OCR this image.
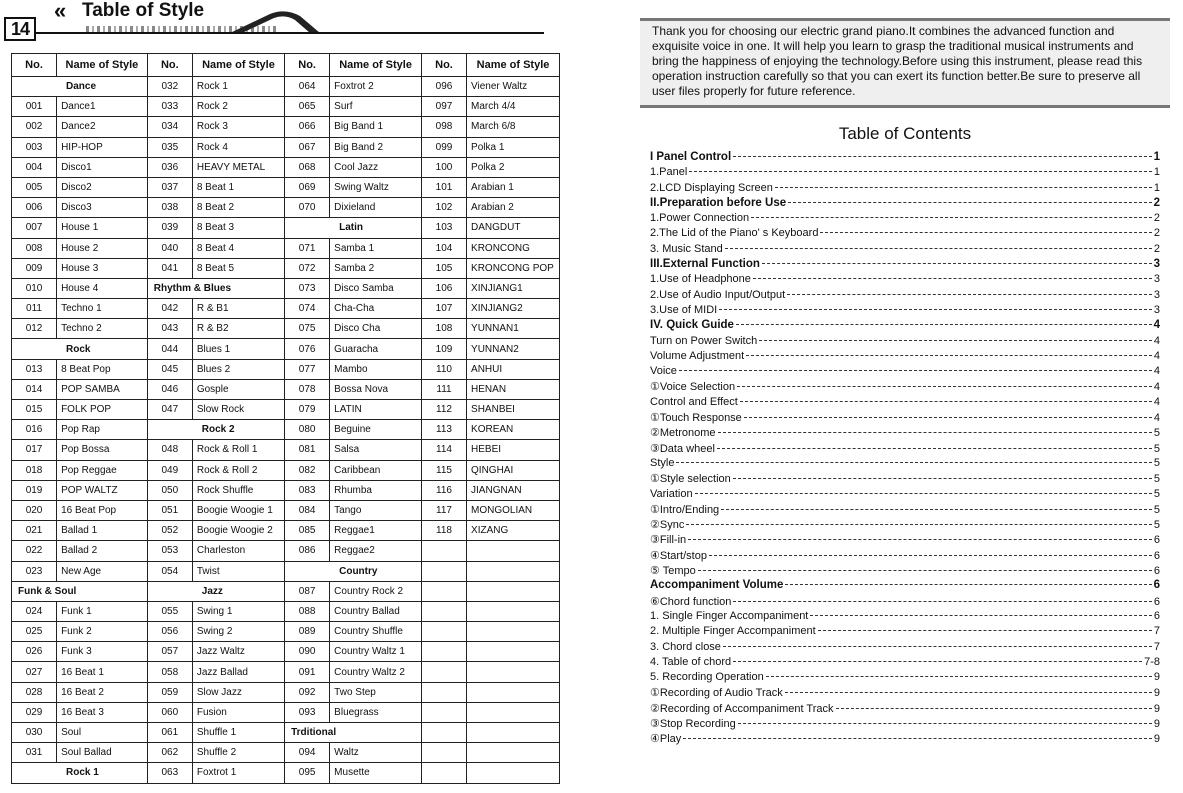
14
« Table of Style
No.	Name of Style	No.	Name of Style	No.	Name of Style	No.	Name of Style
Dance		032	Rock 1	064	Foxtrot 2	096	Viener Waltz
001	Dance1	033	Rock 2	065	Surf	097	March 4/4
002	Dance2	034	Rock 3	066	Big Band 1	098	March 6/8
003	HIP-HOP	035	Rock 4	067	Big Band 2	099	Polka 1
004	Disco1	036	HEAVY METAL	068	Cool Jazz	100	Polka 2
005	Disco2	037	8 Beat 1	069	Swing Waltz	101	Arabian 1
006	Disco3	038	8 Beat 2	070	Dixieland	102	Arabian 2
007	House 1	039	8 Beat 3	Latin		103	DANGDUT
008	House 2	040	8 Beat 4	071	Samba 1	104	KRONCONG
009	House 3	041	8 Beat 5	072	Samba 2	105	KRONCONG POP
010	House 4	Rhythm & Blues		073	Disco Samba	106	XINJIANG1
011	Techno 1	042	R & B1	074	Cha-Cha	107	XINJIANG2
012	Techno 2	043	R & B2	075	Disco Cha	108	YUNNAN1
Rock		044	Blues 1	076	Guaracha	109	YUNNAN2
013	8 Beat Pop	045	Blues 2	077	Mambo	110	ANHUI
014	POP SAMBA	046	Gosple	078	Bossa Nova	111	HENAN
015	FOLK POP	047	Slow Rock	079	LATIN	112	SHANBEI
016	Pop Rap	Rock 2		080	Beguine	113	KOREAN
017	Pop Bossa	048	Rock & Roll 1	081	Salsa	114	HEBEI
018	Pop Reggae	049	Rock & Roll 2	082	Caribbean	115	QINGHAI
019	POP WALTZ	050	Rock Shuffle	083	Rhumba	116	JIANGNAN
020	16 Beat Pop	051	Boogie Woogie 1	084	Tango	117	MONGOLIAN
021	Ballad 1	052	Boogie Woogie 2	085	Reggae1	118	XIZANG
022	Ballad 2	053	Charleston	086	Reggae2		
023	New Age	054	Twist	Country			
Funk & Soul		Jazz		087	Country Rock 2		
024	Funk 1	055	Swing 1	088	Country Ballad		
025	Funk 2	056	Swing 2	089	Country Shuffle		
026	Funk 3	057	Jazz Waltz	090	Country Waltz 1		
027	16 Beat 1	058	Jazz Ballad	091	Country Waltz 2		
028	16 Beat 2	059	Slow Jazz	092	Two Step		
029	16 Beat 3	060	Fusion	093	Bluegrass		
030	Soul	061	Shuffle 1	Trditional			
031	Soul Ballad	062	Shuffle 2	094	Waltz		
Rock 1		063	Foxtrot 1	095	Musette		
Thank you for choosing our electric grand piano.It combines the advanced function and exquisite voice in one. It will help you learn to grasp the traditional musical instruments and bring the happiness of enjoying the technology.Before using this instrument, please read this operation instruction carefully so that you can exert its function better.Be sure to preserve all user files properly for future reference.
Table of Contents
I Panel Control	1
1.Panel	1
2.LCD Displaying Screen	1
II.Preparation before Use	2
1.Power Connection	2
2.The Lid of the Piano' s Keyboard	2
3. Music Stand	2
III.External Function	3
1.Use of Headphone	3
2.Use of Audio Input/Output	3
3.Use of MIDI	3
IV. Quick Guide	4
Turn on Power Switch	4
Volume Adjustment	4
Voice	4
①Voice Selection	4
Control and Effect	4
①Touch Response	4
②Metronome	5
③Data wheel	5
Style	5
①Style selection	5
Variation	5
①Intro/Ending	5
②Sync	5
③Fill-in	6
④Start/stop	6
⑤ Tempo	6
Accompaniment Volume	6
⑥Chord function	6
1. Single Finger Accompaniment	6
2. Multiple Finger Accompaniment	7
3. Chord close	7
4. Table of chord	7-8
5. Recording Operation	9
①Recording of Audio Track	9
②Recording of Accompaniment Track	9
③Stop Recording	9
④Play	9
